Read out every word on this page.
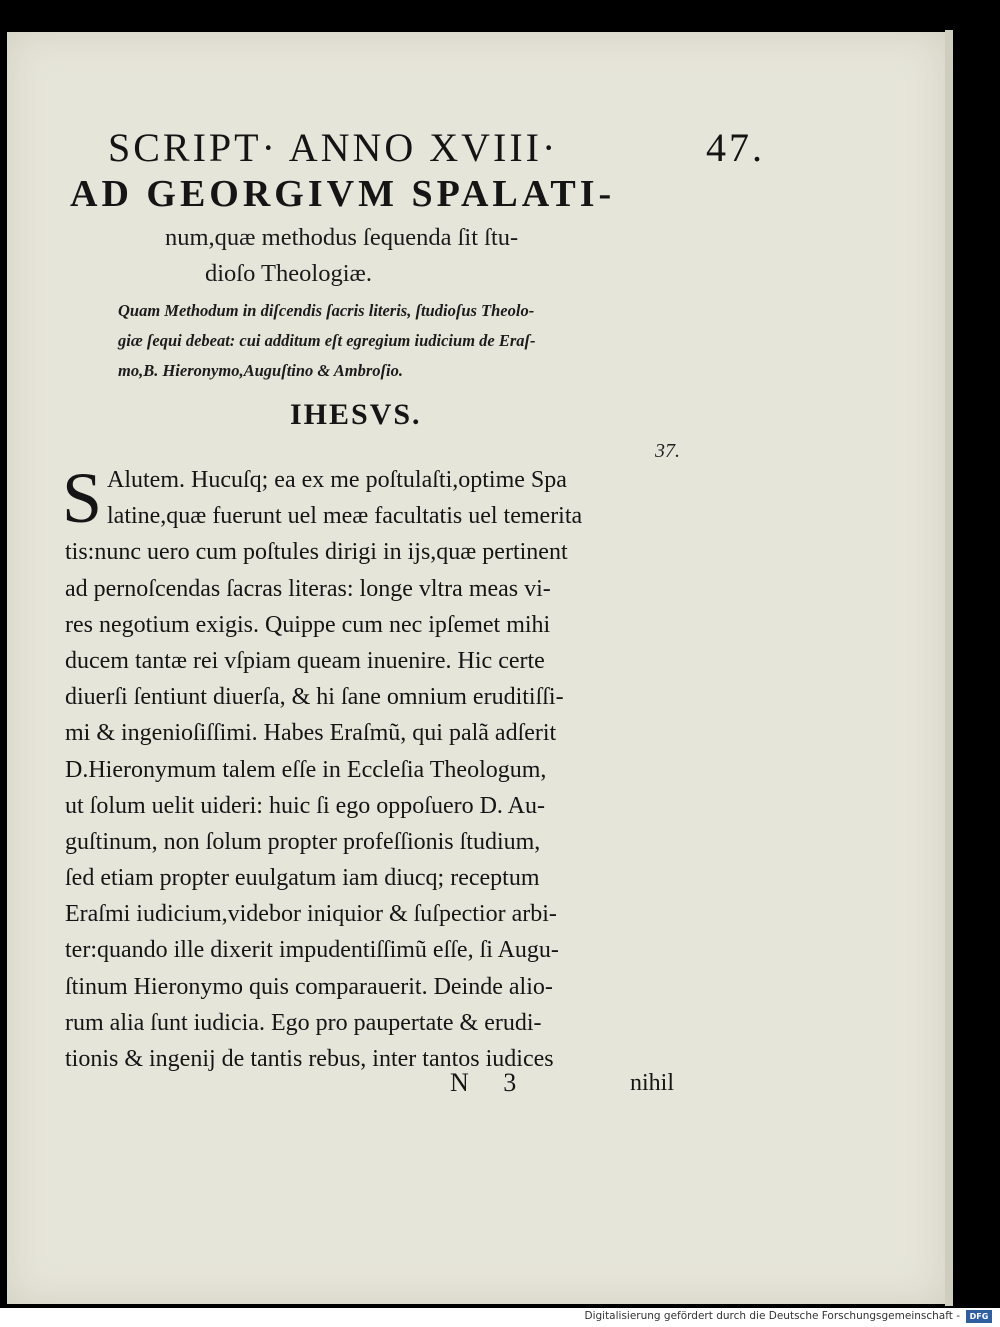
SCRIPT· ANNO XVIII·	47.
AD GEORGIVM SPALATI-
num,quæ methodus ſequenda ſit ſtu-
dioſo Theologiæ.
Quam Methodum in diſcendis ſacris literis, ſtudioſus Theolo-
giæ ſequi debeat: cui additum eſt egregium iudicium de Eraſ-
mo,B. Hieronymo,Auguſtino & Ambroſio.
IHESVS.
37.
S Alutem. Hucuſq; ea ex me poſtulaſti,optime Spa
latine,quæ fuerunt uel meæ facultatis uel temerita
tis:nunc uero cum poſtules dirigi in ijs,quæ pertinent
ad pernoſcendas ſacras literas: longe vltra meas vi-
res negotium exigis. Quippe cum nec ipſemet mihi
ducem tantæ rei vſpiam queam inuenire. Hic certe
diuerſi ſentiunt diuerſa, & hi ſane omnium eruditiſſi-
mi & ingenioſiſſimi. Habes Eraſmũ, qui palã adſerit
D.Hieronymum talem eſſe in Eccleſia Theologum,
ut ſolum uelit uideri: huic ſi ego oppoſuero D. Au-
guſtinum, non ſolum propter profeſſionis ſtudium,
ſed etiam propter euulgatum iam diucq; receptum
Eraſmi iudicium,videbor iniquior & ſuſpectior arbi-
ter:quando ille dixerit impudentiſſimũ eſſe, ſi Augu-
ſtinum Hieronymo quis comparauerit. Deinde alio-
rum alia ſunt iudicia. Ego pro paupertate & erudi-
tionis & ingenij de tantis rebus, inter tantos iudices
N 3	nihil
Digitalisierung gefördert durch die Deutsche Forschungsgemeinschaft -	DFG
